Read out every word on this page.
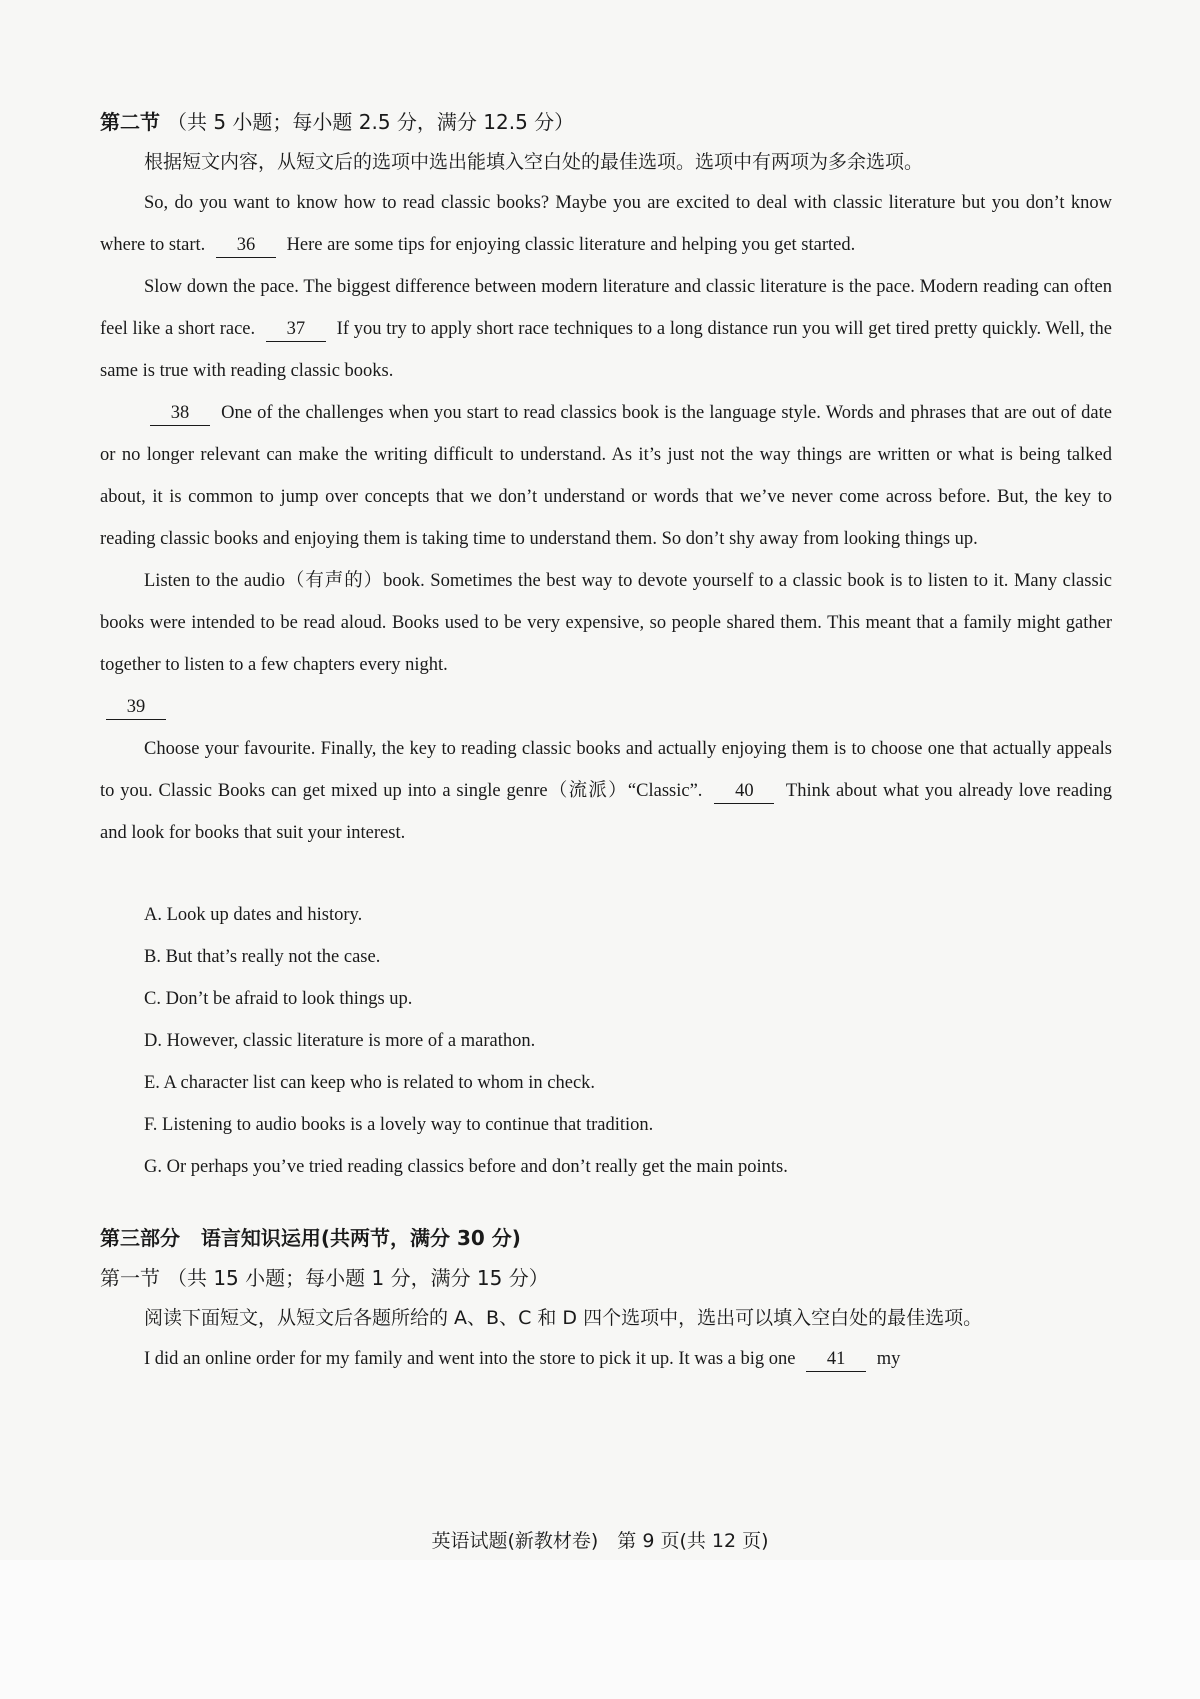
第二节 （共 5 小题；每小题 2.5 分，满分 12.5 分）

根据短文内容，从短文后的选项中选出能填入空白处的最佳选项。选项中有两项为多余选项。

So, do you want to know how to read classic books? Maybe you are excited to deal with classic literature but you don’t know where to start. 36 Here are some tips for enjoying classic literature and helping you get started.

Slow down the pace. The biggest difference between modern literature and classic literature is the pace. Modern reading can often feel like a short race. 37 If you try to apply short race techniques to a long distance run you will get tired pretty quickly. Well, the same is true with reading classic books.

38 One of the challenges when you start to read classics book is the language style. Words and phrases that are out of date or no longer relevant can make the writing difficult to understand. As it’s just not the way things are written or what is being talked about, it is common to jump over concepts that we don’t understand or words that we’ve never come across before. But, the key to reading classic books and enjoying them is taking time to understand them. So don’t shy away from looking things up.

Listen to the audio（有声的）book. Sometimes the best way to devote yourself to a classic book is to listen to it. Many classic books were intended to be read aloud. Books used to be very expensive, so people shared them. This meant that a family might gather together to listen to a few chapters every night.

39

Choose your favourite. Finally, the key to reading classic books and actually enjoying them is to choose one that actually appeals to you. Classic Books can get mixed up into a single genre（流派）“Classic”. 40 Think about what you already love reading and look for books that suit your interest.

A. Look up dates and history.
B. But that’s really not the case.
C. Don’t be afraid to look things up.
D. However, classic literature is more of a marathon.
E. A character list can keep who is related to whom in check.
F. Listening to audio books is a lovely way to continue that tradition.
G. Or perhaps you’ve tried reading classics before and don’t really get the main points.

第三部分 语言知识运用(共两节，满分 30 分)

第一节 （共 15 小题；每小题 1 分，满分 15 分）

阅读下面短文，从短文后各题所给的 A、B、C 和 D 四个选项中，选出可以填入空白处的最佳选项。

I did an online order for my family and went into the store to pick it up. It was a big one 41 my

英语试题(新教材卷)　第 9 页(共 12 页)
